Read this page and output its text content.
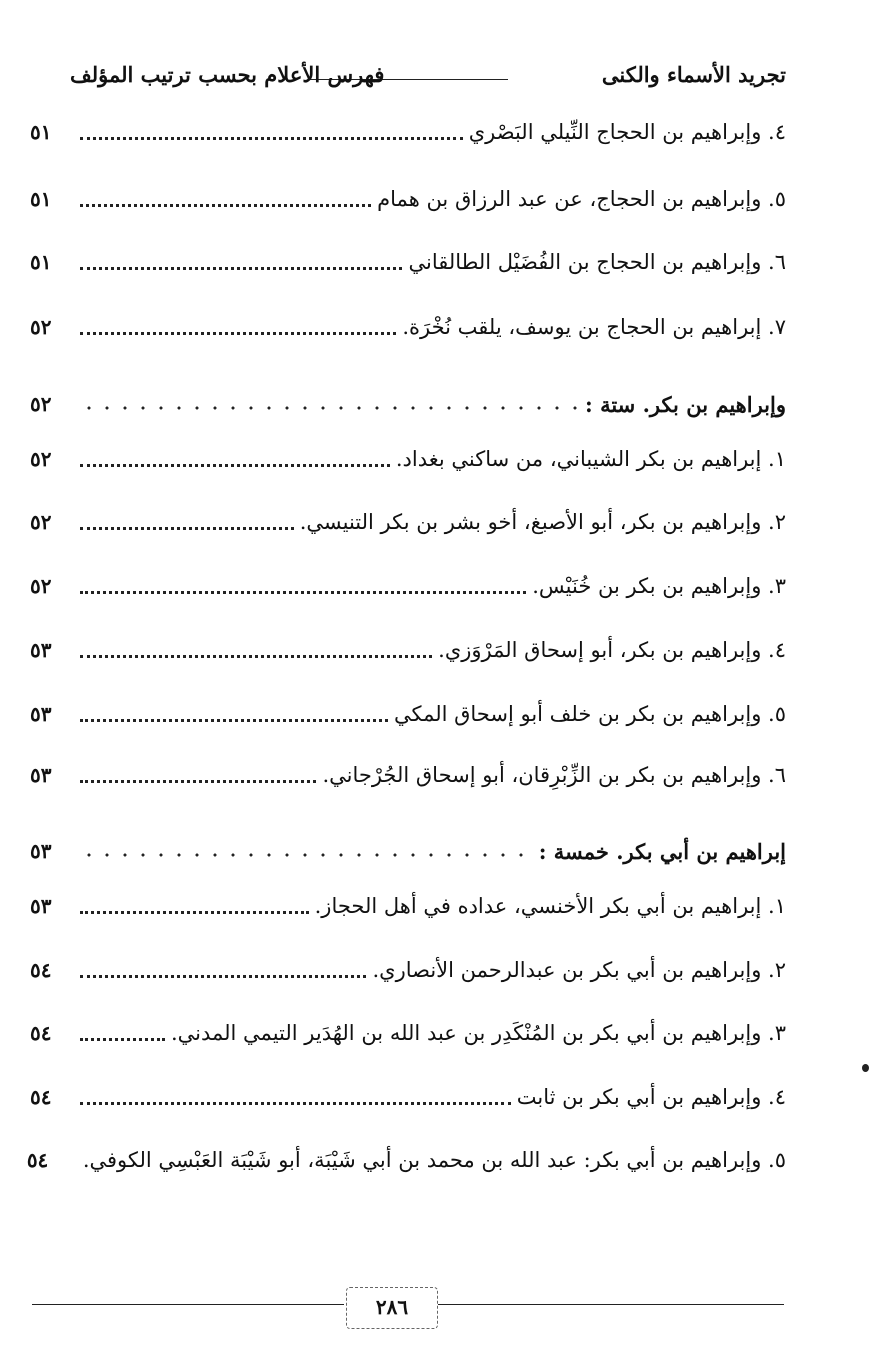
تجريد الأسماء والكنى
فهرس الأعلام بحسب ترتيب المؤلف
٤. وإبراهيم بن الحجاج النِّيلي البَصْري
٥١
٥. وإبراهيم بن الحجاج، عن عبد الرزاق بن همام
٥١
٦. وإبراهيم بن الحجاج بن الفُضَيْل الطالقاني
٥١
٧. إبراهيم بن الحجاج بن يوسف، يلقب نُخْرَة.
٥٢
وإبراهيم بن بكر. ستة :
٥٢
١. إبراهيم بن بكر الشيباني، من ساكني بغداد.
٥٢
٢. وإبراهيم بن بكر، أبو الأصبغ، أخو بشر بن بكر التنيسي.
٥٢
٣. وإبراهيم بن بكر بن خُنَيْس.
٥٢
٤. وإبراهيم بن بكر، أبو إسحاق المَرْوَزي.
٥٣
٥. وإبراهيم بن بكر بن خلف أبو إسحاق المكي
٥٣
٦. وإبراهيم بن بكر بن الزِّبْرِقان، أبو إسحاق الجُرْجاني.
٥٣
إبراهيم بن أبي بكر. خمسة :
٥٣
١. إبراهيم بن أبي بكر الأخنسي، عداده في أهل الحجاز.
٥٣
٢. وإبراهيم بن أبي بكر بن عبدالرحمن الأنصاري.
٥٤
٣. وإبراهيم بن أبي بكر بن المُنْكَدِر بن عبد الله بن الهُدَير التيمي المدني.
٥٤
٤. وإبراهيم بن أبي بكر بن ثابت
٥٤
٥. وإبراهيم بن أبي بكر: عبد الله بن محمد بن أبي شَيْبَة، أبو شَيْبَة العَبْسِي الكوفي.
٥٤
٢٨٦
